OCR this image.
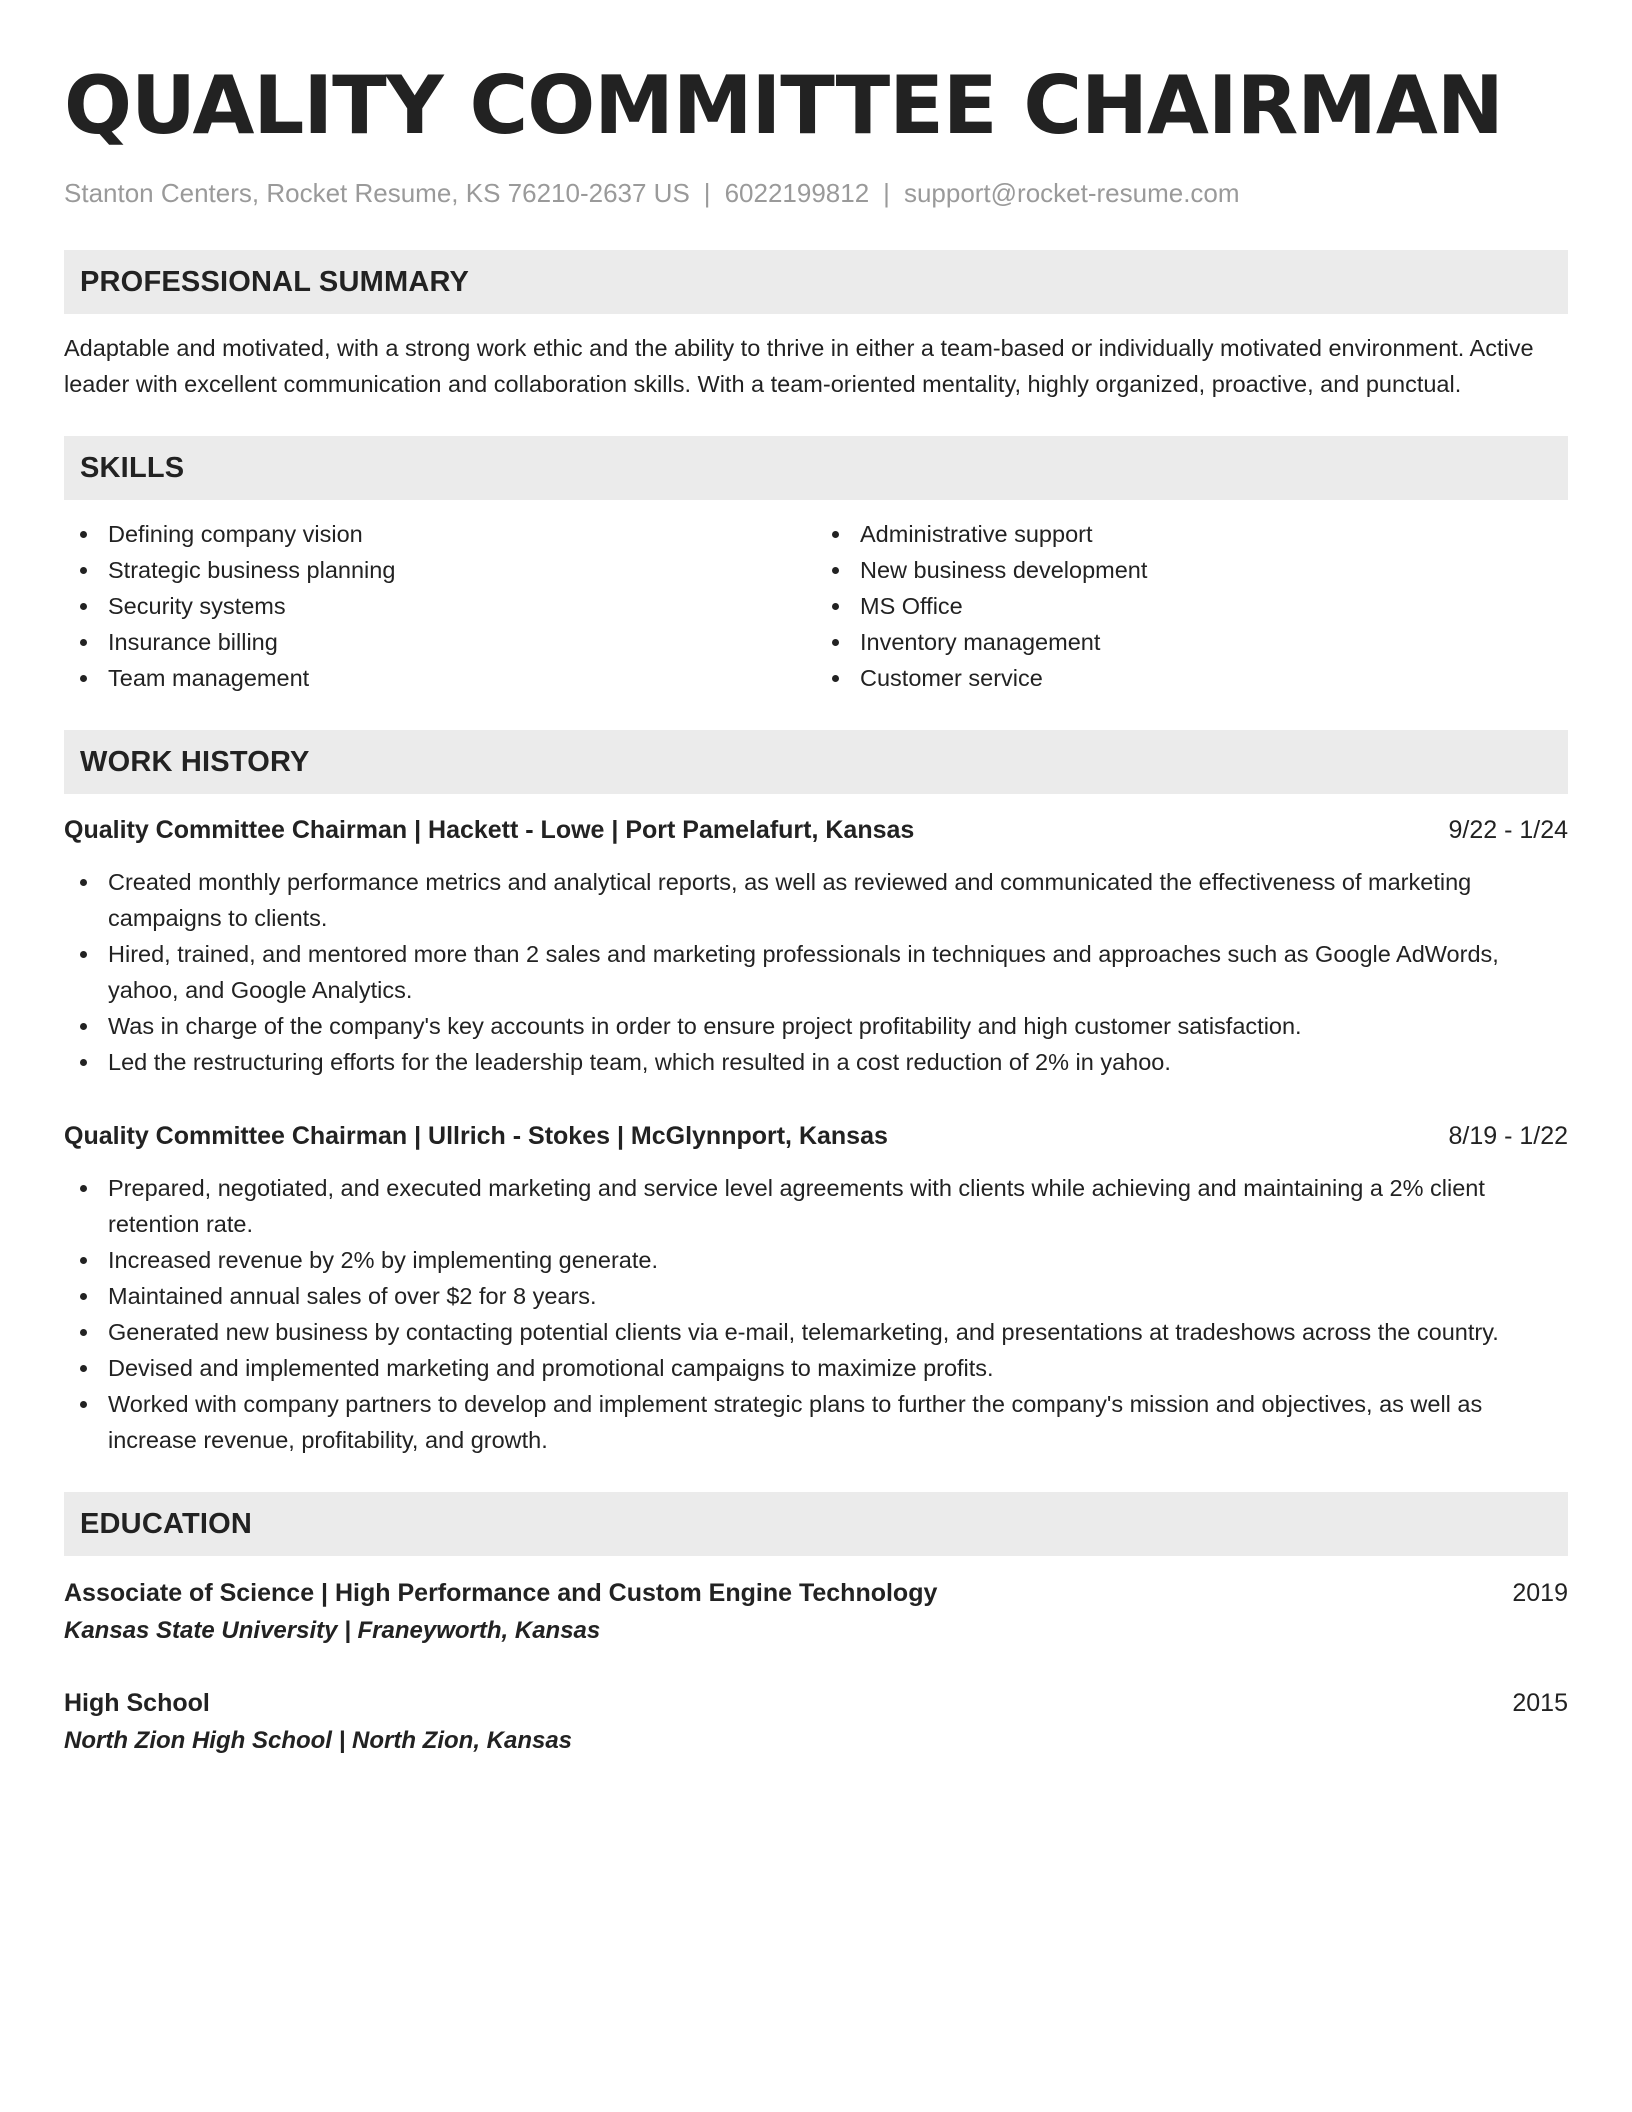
QUALITY COMMITTEE CHAIRMAN
Stanton Centers, Rocket Resume, KS 76210-2637 US | 6022199812 | support@rocket-resume.com
PROFESSIONAL SUMMARY

Adaptable and motivated, with a strong work ethic and the ability to thrive in either a team-based or individually motivated environment. Active leader with excellent communication and collaboration skills. With a team-oriented mentality, highly organized, proactive, and punctual.

SKILLS
Defining company vision
Strategic business planning
Security systems
Insurance billing
Team management
Administrative support
New business development
MS Office
Inventory management
Customer service
WORK HISTORY
Quality Committee Chairman | Hackett - Lowe | Port Pamelafurt, Kansas	9/22 - 1/24
Created monthly performance metrics and analytical reports, as well as reviewed and communicated the effectiveness of marketing campaigns to clients.
Hired, trained, and mentored more than 2 sales and marketing professionals in techniques and approaches such as Google AdWords, yahoo, and Google Analytics.
Was in charge of the company's key accounts in order to ensure project profitability and high customer satisfaction.
Led the restructuring efforts for the leadership team, which resulted in a cost reduction of 2% in yahoo.
Quality Committee Chairman | Ullrich - Stokes | McGlynnport, Kansas	8/19 - 1/22
Prepared, negotiated, and executed marketing and service level agreements with clients while achieving and maintaining a 2% client retention rate.
Increased revenue by 2% by implementing generate.
Maintained annual sales of over $2 for 8 years.
Generated new business by contacting potential clients via e-mail, telemarketing, and presentations at tradeshows across the country.
Devised and implemented marketing and promotional campaigns to maximize profits.
Worked with company partners to develop and implement strategic plans to further the company's mission and objectives, as well as increase revenue, profitability, and growth.
EDUCATION
Associate of Science | High Performance and Custom Engine Technology	2019
Kansas State University | Franeyworth, Kansas
High School	2015
North Zion High School | North Zion, Kansas
